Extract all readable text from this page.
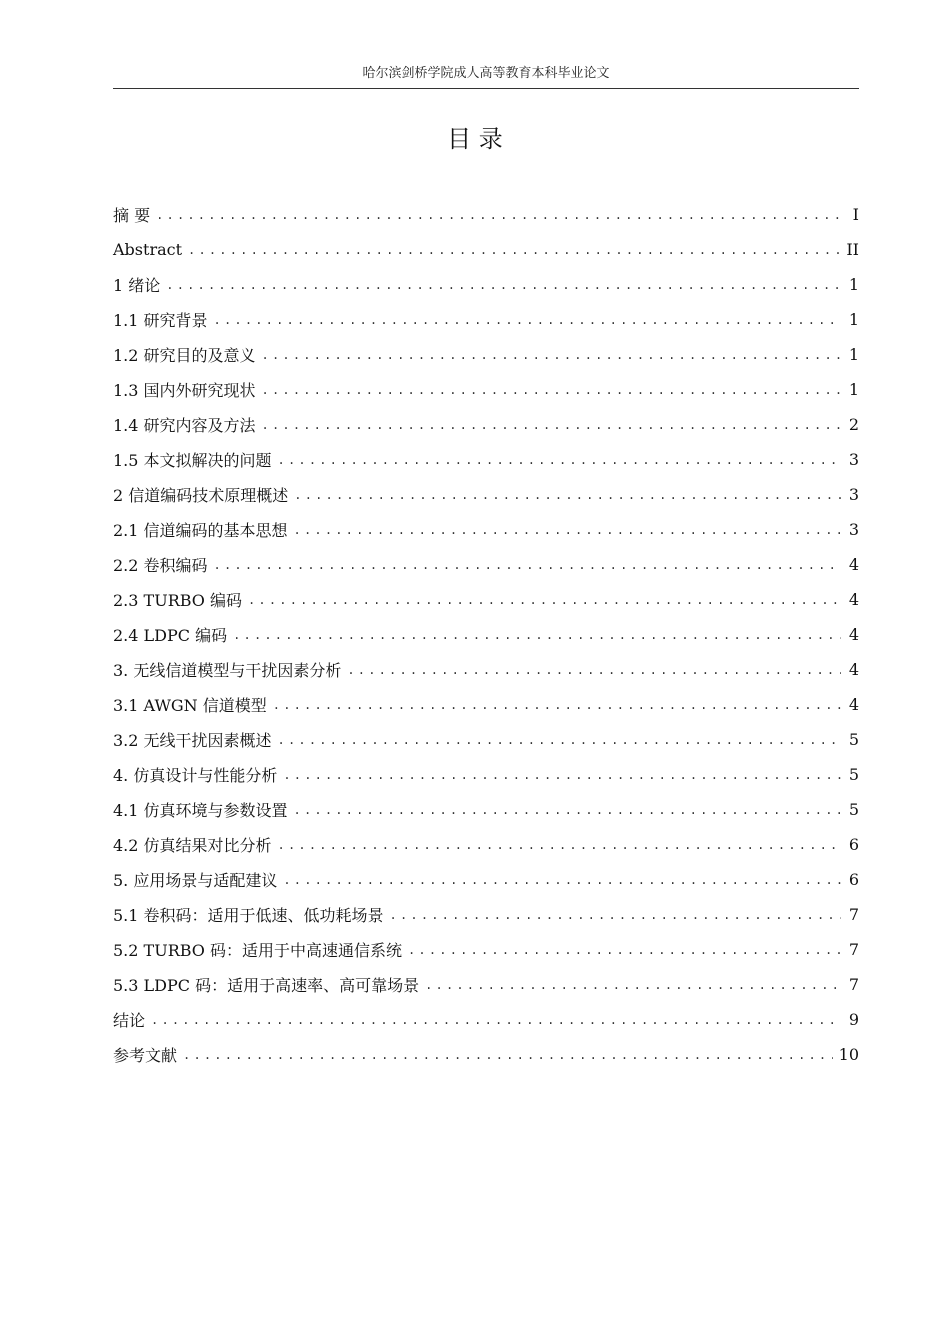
哈尔滨剑桥学院成人高等教育本科毕业论文
目 录
摘 要 .....	I
Abstract .....	II
1 绪论 .....	1
1.1 研究背景 .....	1
1.2 研究目的及意义 .....	1
1.3 国内外研究现状 .....	1
1.4 研究内容及方法 .....	2
1.5 本文拟解决的问题 .....	3
2 信道编码技术原理概述 .....	3
2.1 信道编码的基本思想 .....	3
2.2 卷积编码 .....	4
2.3 TURBO 编码 .....	4
2.4 LDPC 编码 .....	4
3. 无线信道模型与干扰因素分析 .....	4
3.1 AWGN 信道模型 .....	4
3.2 无线干扰因素概述 .....	5
4. 仿真设计与性能分析 .....	5
4.1 仿真环境与参数设置 .....	5
4.2 仿真结果对比分析 .....	6
5. 应用场景与适配建议 .....	6
5.1 卷积码：适用于低速、低功耗场景 .....	7
5.2 TURBO 码：适用于中高速通信系统 .....	7
5.3 LDPC 码：适用于高速率、高可靠场景 .....	7
结论 .....	9
参考文献 .....	10
